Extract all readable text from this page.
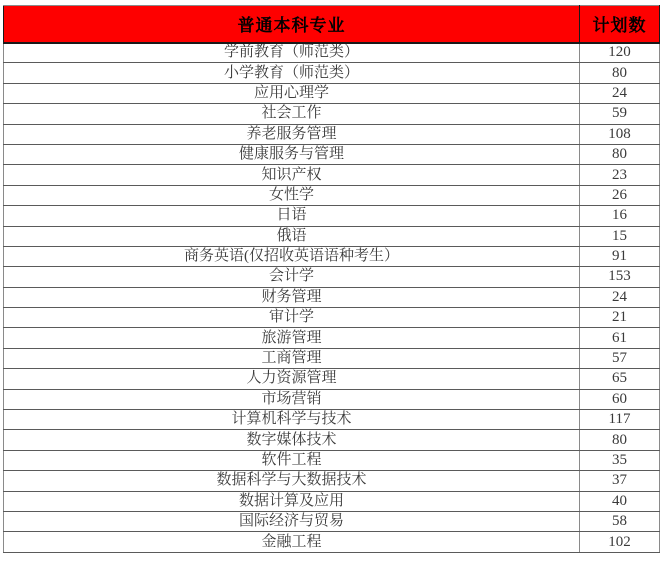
普通本科专业	计划数
学前教育（师范类）	120
小学教育（师范类）	80
应用心理学	24
社会工作	59
养老服务管理	108
健康服务与管理	80
知识产权	23
女性学	26
日语	16
俄语	15
商务英语(仅招收英语语种考生）	91
会计学	153
财务管理	24
审计学	21
旅游管理	61
工商管理	57
人力资源管理	65
市场营销	60
计算机科学与技术	117
数字媒体技术	80
软件工程	35
数据科学与大数据技术	37
数据计算及应用	40
国际经济与贸易	58
金融工程	102
